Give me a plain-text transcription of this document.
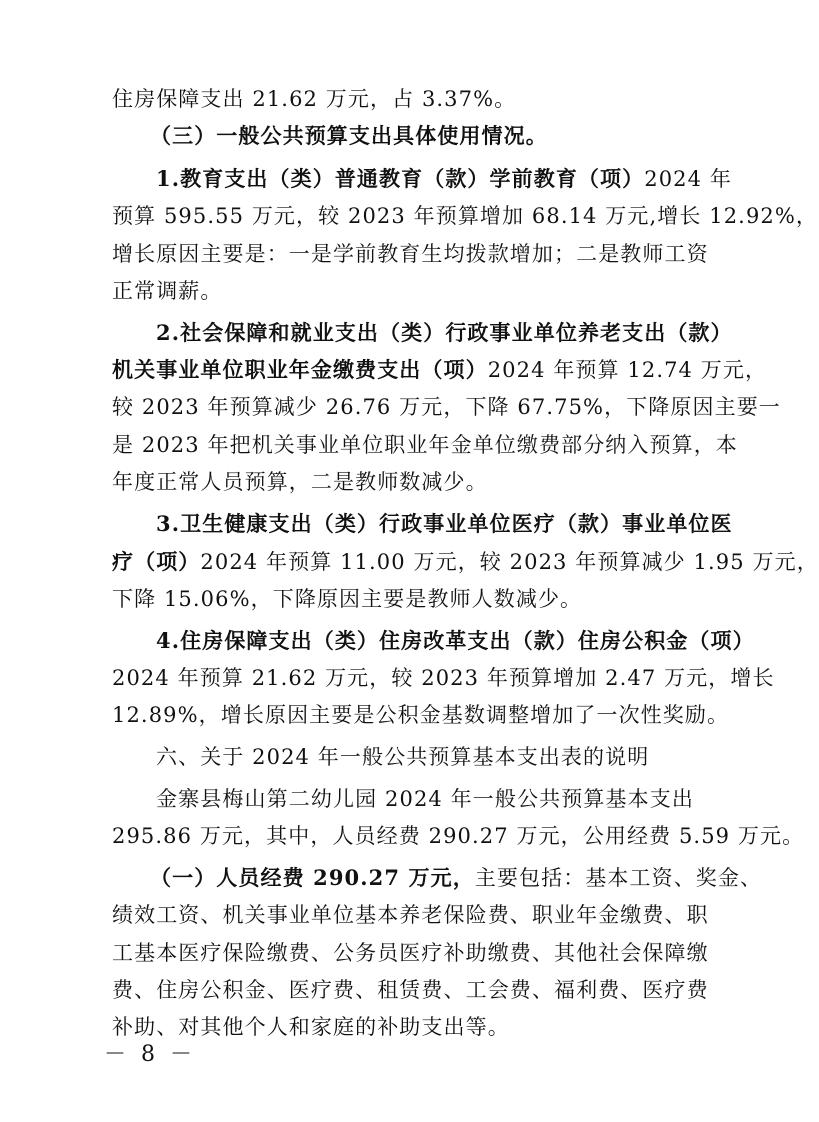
住房保障支出 21.62 万元，占 3.37%。
（三）一般公共预算支出具体使用情况。
1.教育支出（类）普通教育（款）学前教育（项）2024 年
预算 595.55 万元，较 2023 年预算增加 68.14 万元,增长 12.92%，
增长原因主要是：一是学前教育生均拨款增加；二是教师工资
正常调薪。
2.社会保障和就业支出（类）行政事业单位养老支出（款）
机关事业单位职业年金缴费支出（项）2024 年预算 12.74 万元，
较 2023 年预算减少 26.76 万元，下降 67.75%，下降原因主要一
是 2023 年把机关事业单位职业年金单位缴费部分纳入预算，本
年度正常人员预算，二是教师数减少。
3.卫生健康支出（类）行政事业单位医疗（款）事业单位医
疗（项）2024 年预算 11.00 万元，较 2023 年预算减少 1.95 万元，
下降 15.06%，下降原因主要是教师人数减少。
4.住房保障支出（类）住房改革支出（款）住房公积金（项）
2024 年预算 21.62 万元，较 2023 年预算增加 2.47 万元，增长
12.89%，增长原因主要是公积金基数调整增加了一次性奖励。
六、关于 2024 年一般公共预算基本支出表的说明
金寨县梅山第二幼儿园 2024 年一般公共预算基本支出
295.86 万元，其中，人员经费 290.27 万元，公用经费 5.59 万元。
（一）人员经费 290.27 万元，主要包括：基本工资、奖金、
绩效工资、机关事业单位基本养老保险费、职业年金缴费、职
工基本医疗保险缴费、公务员医疗补助缴费、其他社会保障缴
费、住房公积金、医疗费、租赁费、工会费、福利费、医疗费
补助、对其他个人和家庭的补助支出等。
－ 8 －
